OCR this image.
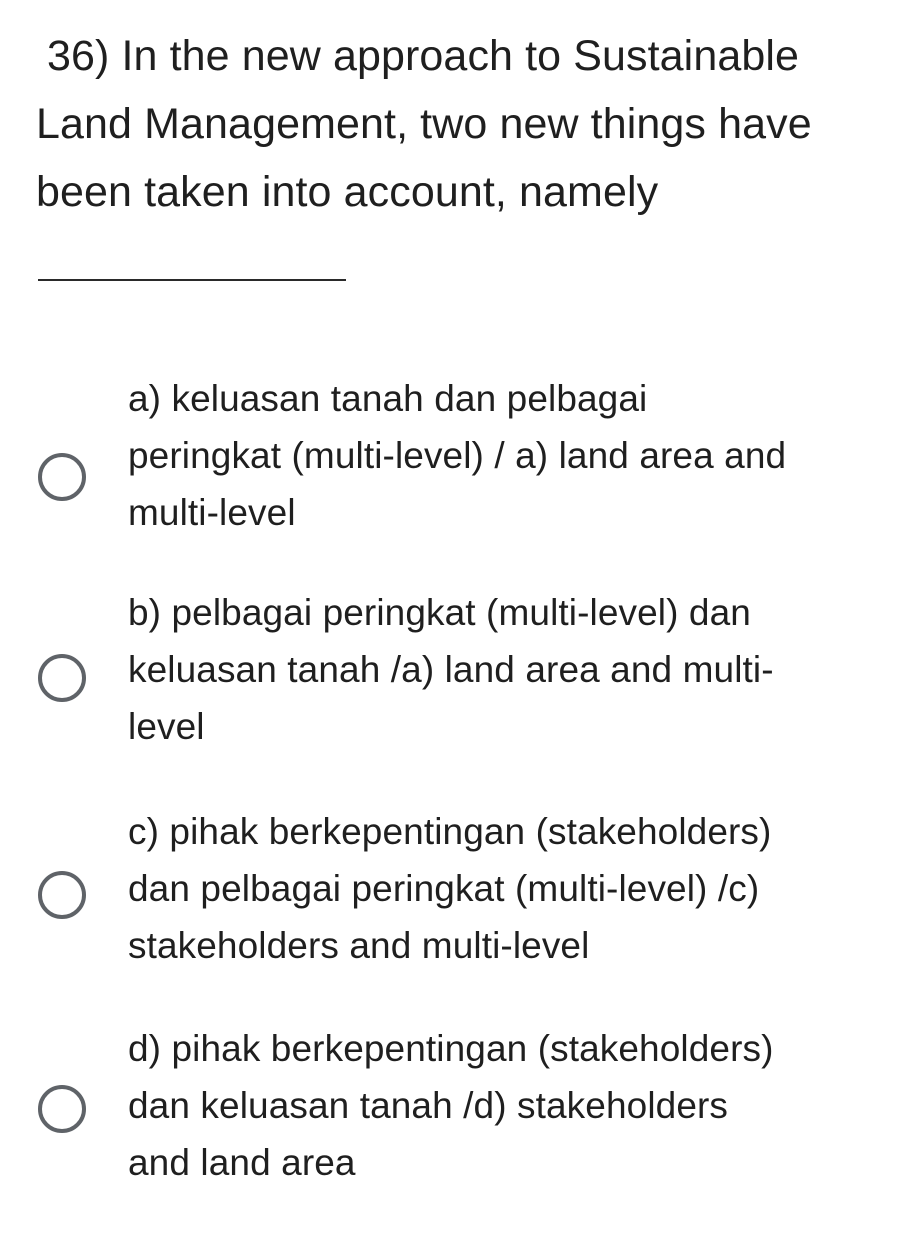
36) In the new approach to Sustainable
Land Management, two new things have
been taken into account, namely
a) keluasan tanah dan pelbagai
peringkat (multi-level) / a) land area and
multi-level
b) pelbagai peringkat (multi-level) dan
keluasan tanah /a) land area and multi-
level
c) pihak berkepentingan (stakeholders)
dan pelbagai peringkat (multi-level) /c)
stakeholders and multi-level
d) pihak berkepentingan (stakeholders)
dan keluasan tanah /d) stakeholders
and land area
